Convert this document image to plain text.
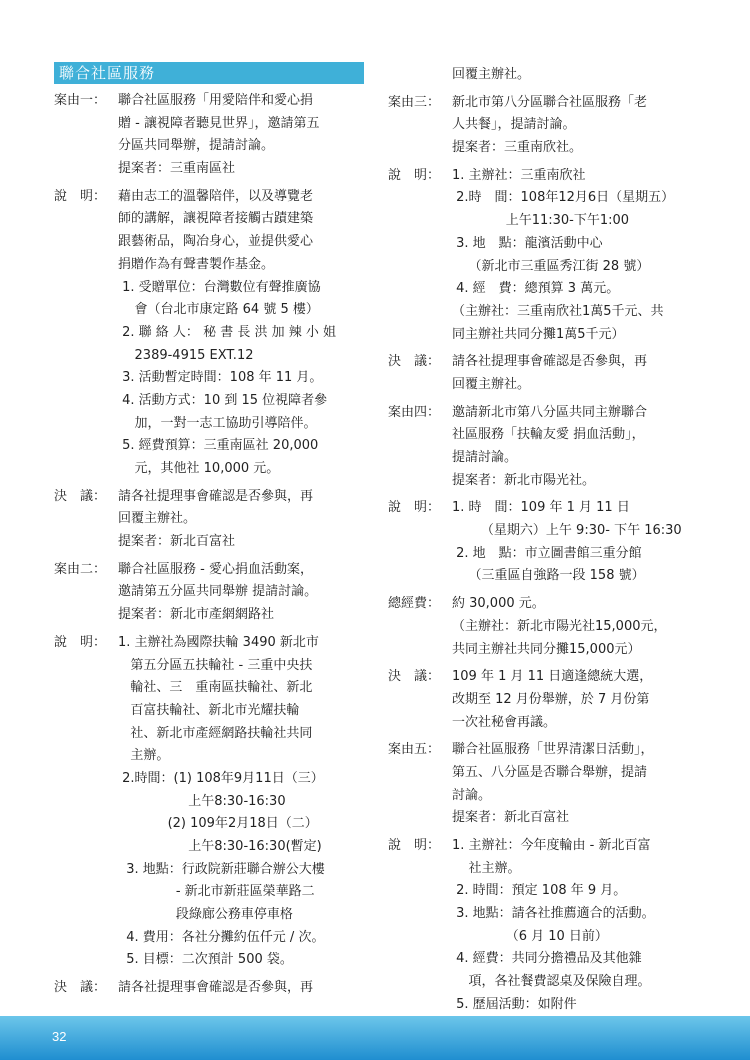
聯合社區服務
案由一： 聯合社區服務「用愛陪伴和愛心捐
贈 - 讓視障者聽見世界」，邀請第五
分區共同舉辦，提請討論。
提案者：三重南區社
說　明： 藉由志工的溫馨陪伴，以及導覽老
師的講解，讓視障者接觸古蹟建築
跟藝術品，陶冶身心，並提供愛心
捐贈作為有聲書製作基金。
1. 受贈單位：台灣數位有聲推廣協
會（台北市康定路 64 號 5 樓）
2. 聯 絡 人： 秘 書 長 洪 加 辣 小 姐
2389-4915 EXT.12
3. 活動暫定時間：108 年 11 月。
4. 活動方式：10 到 15 位視障者參
加，一對一志工協助引導陪伴。
5. 經費預算：三重南區社 20,000
元，其他社 10,000 元。
決　議： 請各社提理事會確認是否參與，再
回覆主辦社。
提案者：新北百富社
案由二： 聯合社區服務 - 愛心捐血活動案，
邀請第五分區共同舉辦 提請討論。
提案者：新北市產網網路社
說　明： 1. 主辦社為國際扶輪 3490 新北市
第五分區五扶輪社 - 三重中央扶
輪社、三　重南區扶輪社、新北
百富扶輪社、新北市光耀扶輪
社、新北市產經網路扶輪社共同
主辦。
2.時間：(1) 108年9月11日（三）
上午8:30-16:30
(2) 109年2月18日（二）
上午8:30-16:30(暫定)
3. 地點：行政院新莊聯合辦公大樓
- 新北市新莊區榮華路二
段綠廊公務車停車格
4. 費用：各社分攤約伍仟元 / 次。
5. 目標：二次預計 500 袋。
決　議： 請各社提理事會確認是否參與，再
回覆主辦社。
案由三： 新北市第八分區聯合社區服務「老
人共餐」，提請討論。
提案者：三重南欣社。
說　明： 1. 主辦社：三重南欣社
2.時　間：108年12月6日（星期五）
上午11:30-下午1:00
3. 地　點：龍濱活動中心
（新北市三重區秀江街 28 號）
4. 經　費：總預算 3 萬元。
（主辦社：三重南欣社1萬5千元、共
同主辦社共同分攤1萬5千元）
決　議： 請各社提理事會確認是否參與，再
回覆主辦社。
案由四： 邀請新北市第八分區共同主辦聯合
社區服務「扶輪友愛 捐血活動」，
提請討論。
提案者：新北市陽光社。
說　明： 1. 時　間：109 年 1 月 11 日
（星期六）上午 9:30- 下午 16:30
2. 地　點：市立圖書館三重分館
（三重區自強路一段 158 號）
總經費： 約 30,000 元。
（主辦社：新北市陽光社15,000元，
共同主辦社共同分攤15,000元）
決　議： 109 年 1 月 11 日適逢總統大選，
改期至 12 月份舉辦，於 7 月份第
一次社秘會再議。
案由五： 聯合社區服務「世界清潔日活動」，
第五、八分區是否聯合舉辦，提請
討論。
提案者：新北百富社
說　明： 1. 主辦社：今年度輪由 - 新北百富
社主辦。
2. 時間：預定 108 年 9 月。
3. 地點：請各社推薦適合的活動。
（6 月 10 日前）
4. 經費：共同分擔禮品及其他雜
項，各社餐費認桌及保險自理。
5. 歷屆活動：如附件
32
